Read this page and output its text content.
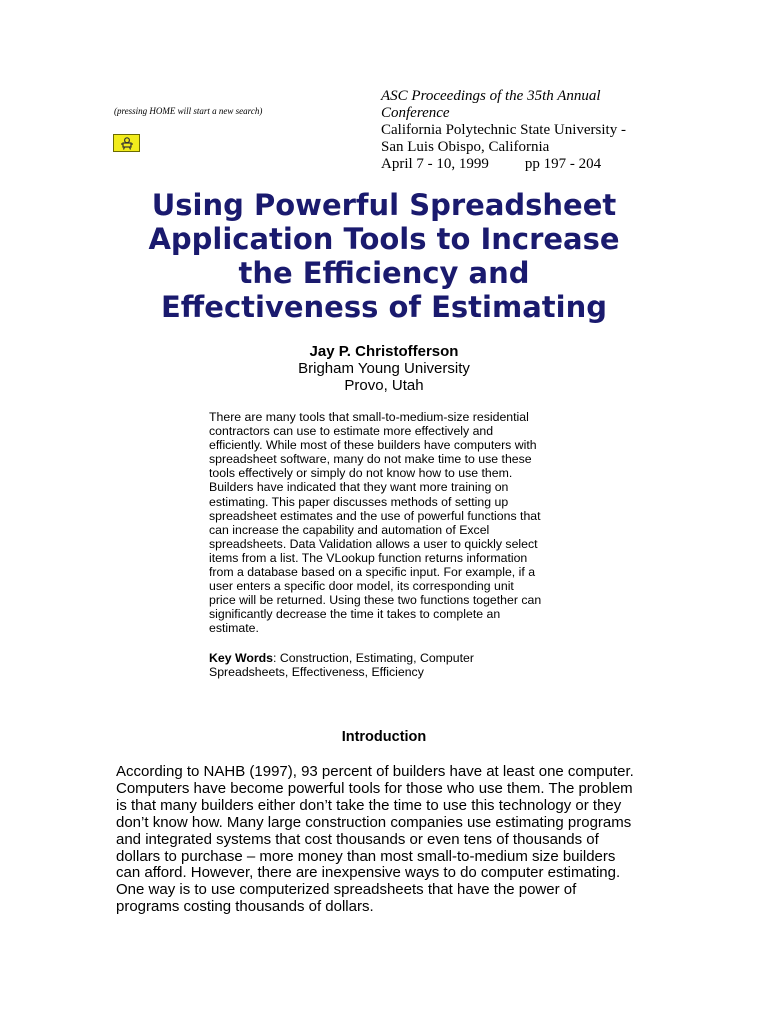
(pressing HOME will start a new search)
ASC Proceedings of the 35th Annual
Conference
California Polytechnic State University -
San Luis Obispo, California
April 7 - 10, 1999 pp 197 - 204
Using Powerful Spreadsheet
Application Tools to Increase
the Efficiency and
Effectiveness of Estimating
Jay P. Christofferson
Brigham Young University
Provo, Utah
There are many tools that small-to-medium-size residential
contractors can use to estimate more effectively and
efficiently. While most of these builders have computers with
spreadsheet software, many do not make time to use these
tools effectively or simply do not know how to use them.
Builders have indicated that they want more training on
estimating. This paper discusses methods of setting up
spreadsheet estimates and the use of powerful functions that
can increase the capability and automation of Excel
spreadsheets. Data Validation allows a user to quickly select
items from a list. The VLookup function returns information
from a database based on a specific input. For example, if a
user enters a specific door model, its corresponding unit
price will be returned. Using these two functions together can
significantly decrease the time it takes to complete an
estimate.
Key Words: Construction, Estimating, Computer
Spreadsheets, Effectiveness, Efficiency
Introduction
According to NAHB (1997), 93 percent of builders have at least one computer.
Computers have become powerful tools for those who use them. The problem
is that many builders either don’t take the time to use this technology or they
don’t know how. Many large construction companies use estimating programs
and integrated systems that cost thousands or even tens of thousands of
dollars to purchase – more money than most small-to-medium size builders
can afford. However, there are inexpensive ways to do computer estimating.
One way is to use computerized spreadsheets that have the power of
programs costing thousands of dollars.
